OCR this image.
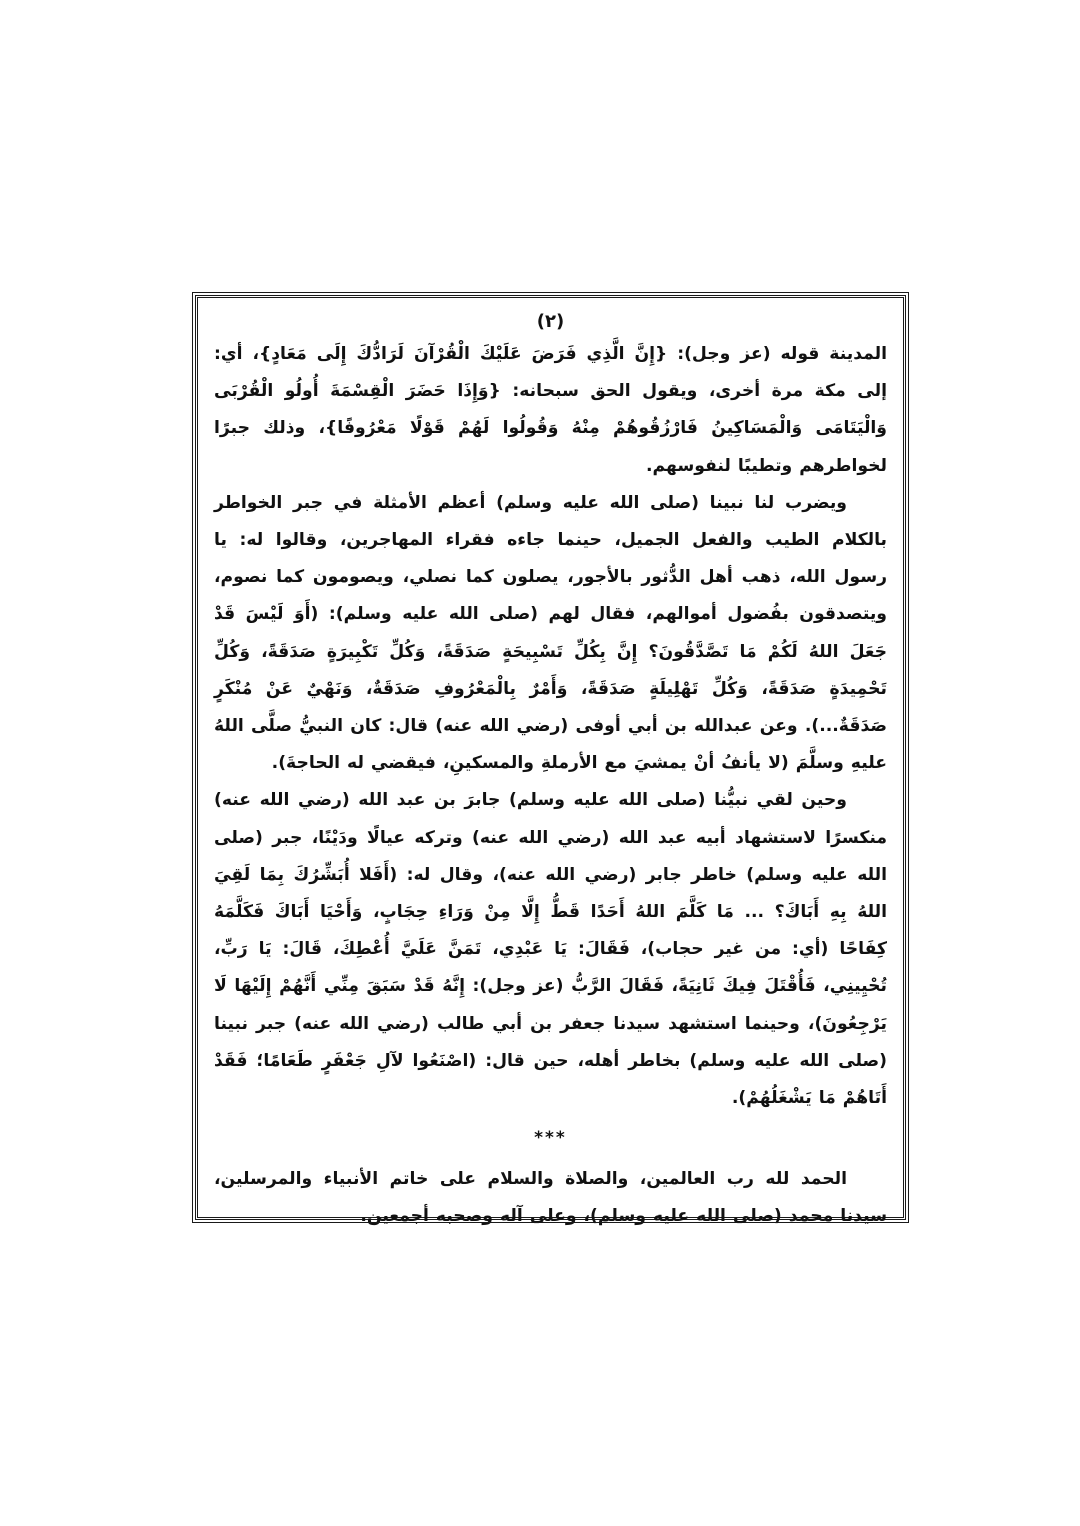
(٢)

المدينة قوله (عز وجل): {إِنَّ الَّذِي فَرَضَ عَلَيْكَ الْقُرْآنَ لَرَادُّكَ إِلَى مَعَادٍ}، أي: إلى مكة مرة أخرى، ويقول الحق سبحانه: {وَإِذَا حَضَرَ الْقِسْمَةَ أُولُو الْقُرْبَى وَالْيَتَامَى وَالْمَسَاكِينُ فَارْزُقُوهُمْ مِنْهُ وَقُولُوا لَهُمْ قَوْلًا مَعْرُوفًا}، وذلك جبرًا لخواطرهم وتطيبًا لنفوسهم.

ويضرب لنا نبينا (صلى الله عليه وسلم) أعظم الأمثلة في جبر الخواطر بالكلام الطيب والفعل الجميل، حينما جاءه فقراء المهاجرين، وقالوا له: يا رسول الله، ذهب أهل الدُّثور بالأجور، يصلون كما نصلي، ويصومون كما نصوم، ويتصدقون بفُضول أموالهم، فقال لهم (صلى الله عليه وسلم): (أَوَ لَيْسَ قَدْ جَعَلَ اللهُ لَكُمْ مَا تَصَّدَّقُونَ؟ إِنَّ بِكُلِّ تَسْبِيحَةٍ صَدَقَةً، وَكُلِّ تَكْبِيرَةٍ صَدَقَةً، وَكُلِّ تَحْمِيدَةٍ صَدَقَةً، وَكُلِّ تَهْلِيلَةٍ صَدَقَةً، وَأَمْرٌ بِالْمَعْرُوفِ صَدَقَةٌ، وَنَهْيٌ عَنْ مُنْكَرٍ صَدَقَةٌ...). وعن عبدالله بن أبي أوفى (رضي الله عنه) قال: كان النبيُّ صلَّى اللهُ عليهِ وسلَّمَ (لا يأنفُ أنْ يمشيَ مع الأرملةِ والمسكينِ، فيقضي له الحاجةَ).

وحين لقي نبيُّنا (صلى الله عليه وسلم) جابرَ بن عبد الله (رضي الله عنه) منكسرًا لاستشهاد أبيه عبد الله (رضي الله عنه) وتركه عيالًا ودَيْنًا، جبر (صلى الله عليه وسلم) خاطر جابر (رضي الله عنه)، وقال له: (أَفَلا أُبَشِّرُكَ بِمَا لَقِيَ اللهُ بِهِ أَبَاكَ؟ ... مَا كَلَّمَ اللهُ أَحَدًا قَطُّ إِلَّا مِنْ وَرَاءِ حِجَابٍ، وَأَحْيَا أَبَاكَ فَكَلَّمَهُ كِفَاحًا (أي: من غير حجاب)، فَقَالَ: يَا عَبْدِي، تَمَنَّ عَلَيَّ أُعْطِكَ، قَالَ: يَا رَبِّ، تُحْيِينِي، فَأُقْتَلَ فِيكَ ثَانِيَةً، فَقَالَ الرَّبُّ (عز وجل): إِنَّهُ قَدْ سَبَقَ مِنِّي أَنَّهُمْ إِلَيْهَا لَا يَرْجِعُونَ)، وحينما استشهد سيدنا جعفر بن أبي طالب (رضي الله عنه) جبر نبينا (صلى الله عليه وسلم) بخاطر أهله، حين قال: (اصْنَعُوا لآلِ جَعْفَرٍ طَعَامًا؛ فَقَدْ أَتَاهُمْ مَا يَشْغَلُهُمْ).

***

الحمد لله رب العالمين، والصلاة والسلام على خاتم الأنبياء والمرسلين، سيدنا محمد (صلى الله عليه وسلم)، وعلى آله وصحبه أجمعين.
